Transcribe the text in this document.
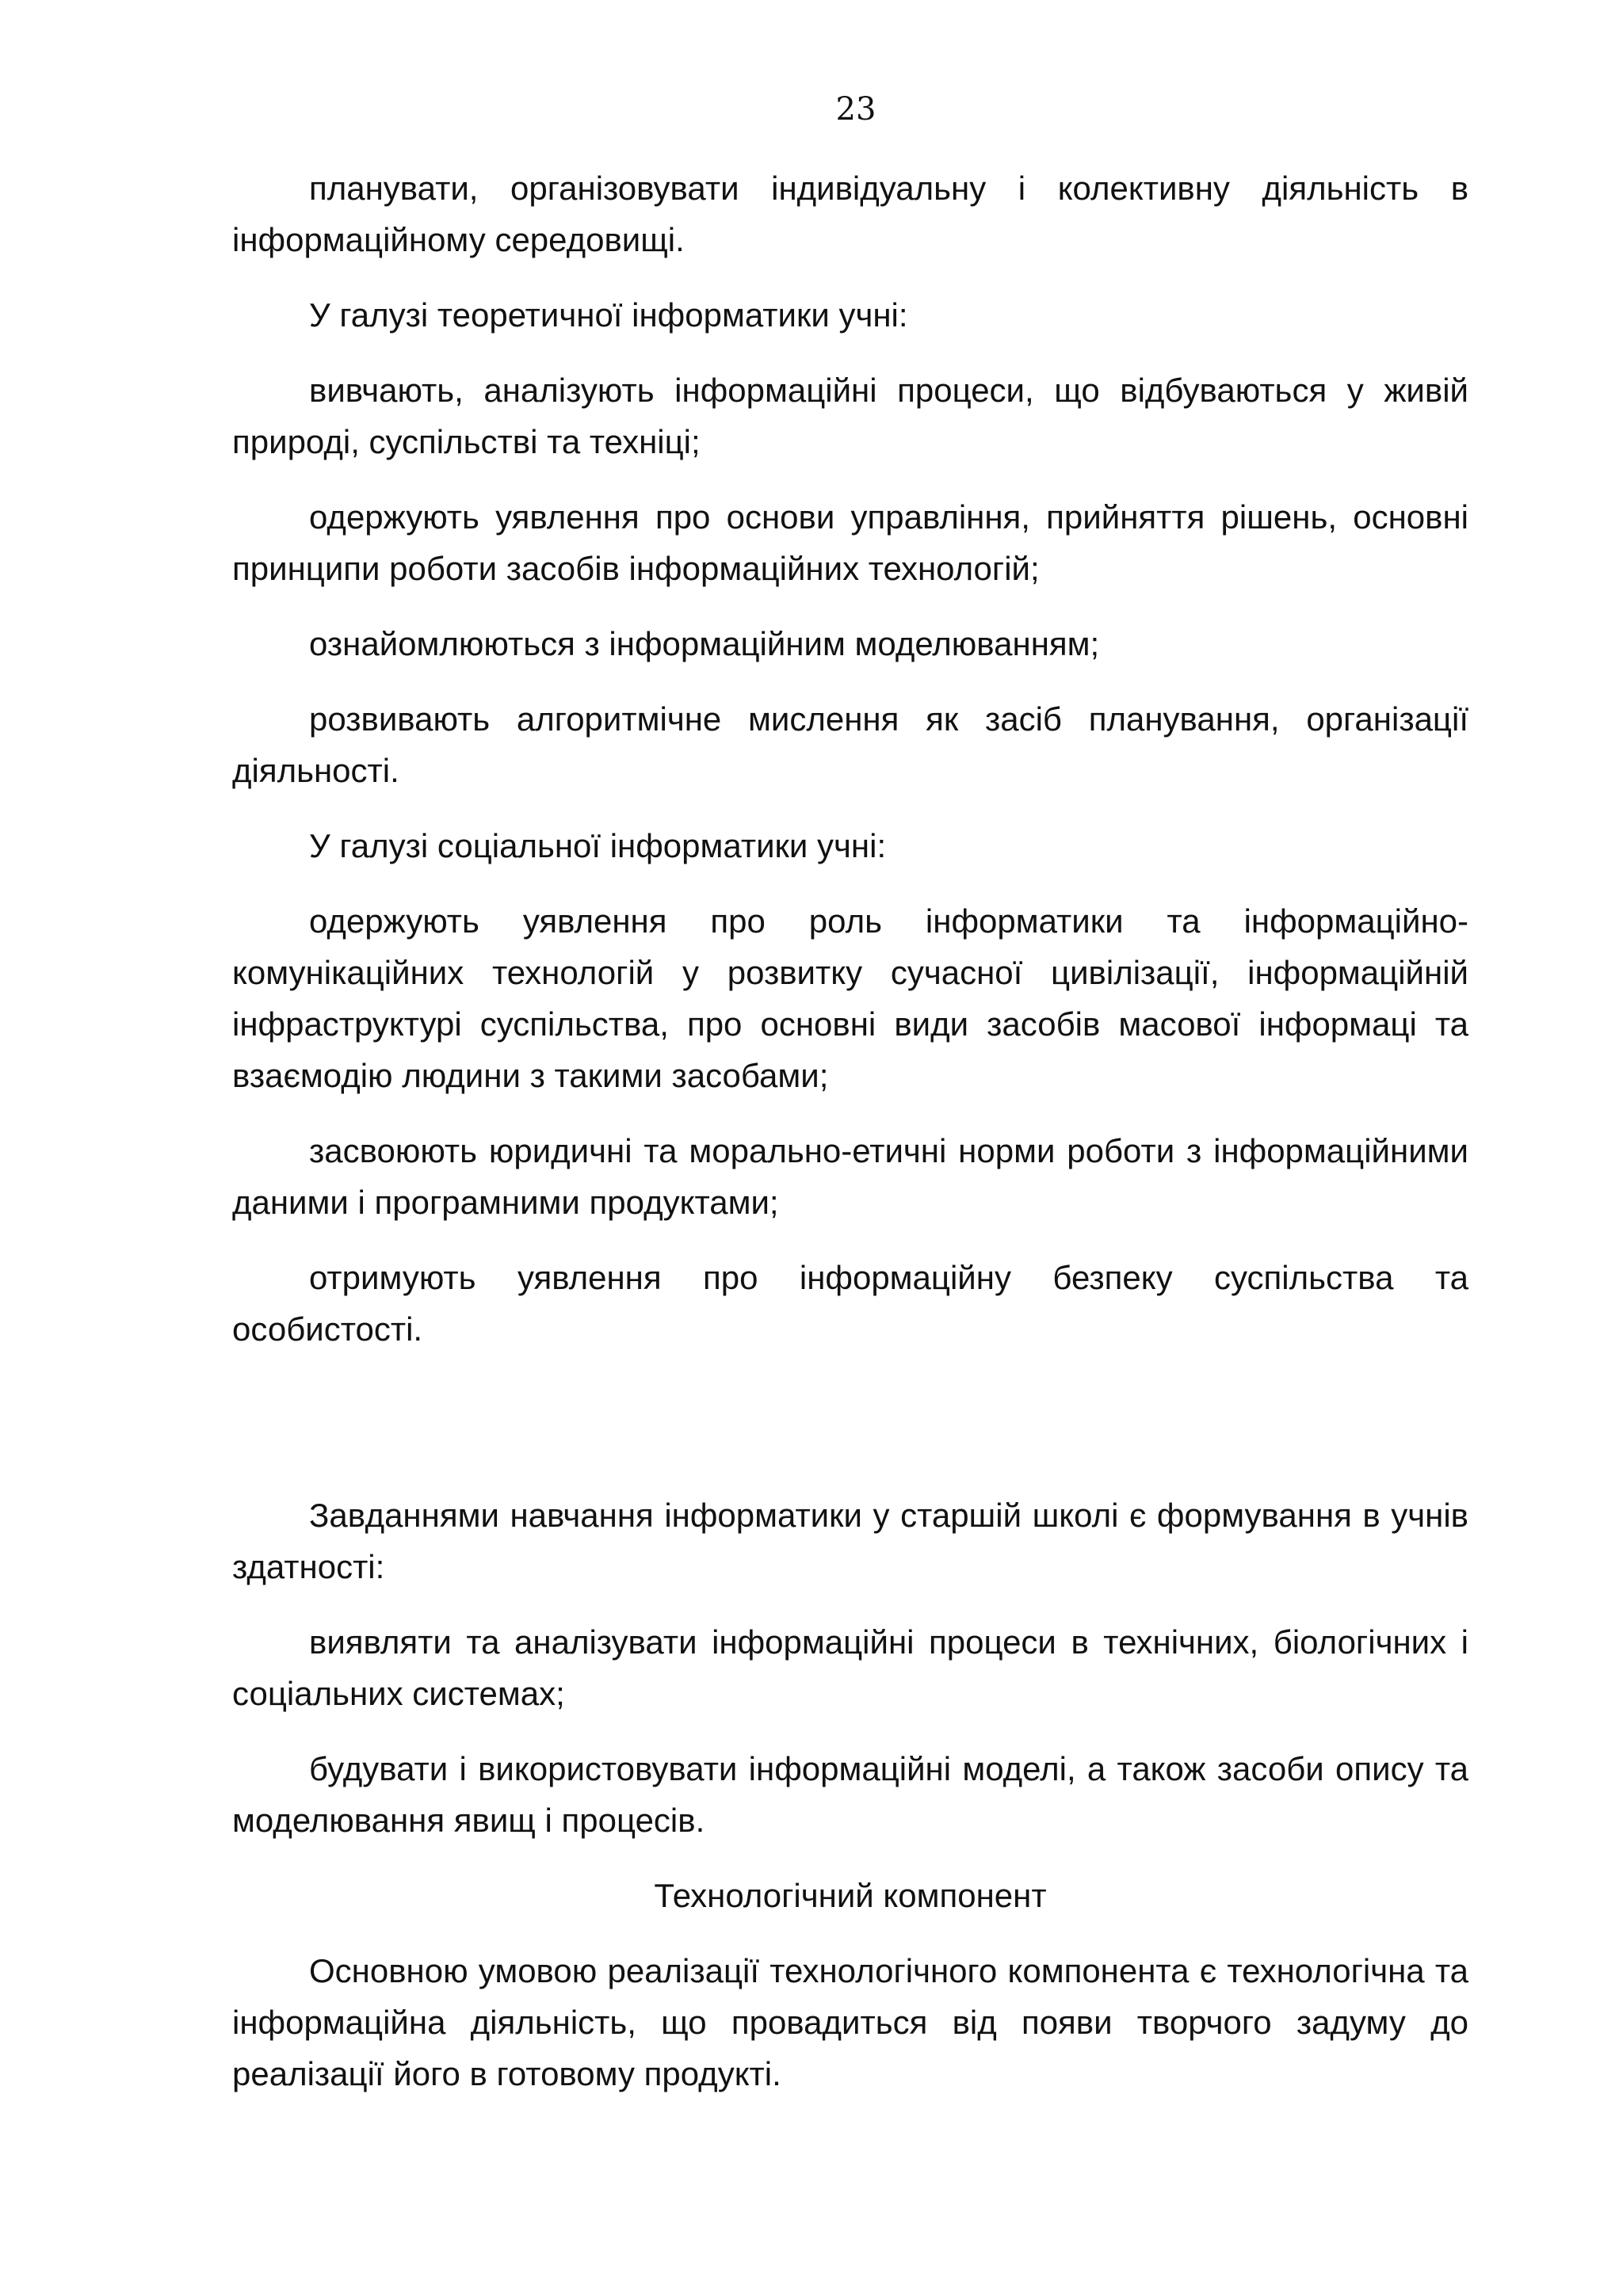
23

планувати, організовувати індивідуальну і колективну діяльність в інформаційному середовищі.

У галузі теоретичної інформатики учні:

вивчають, аналізують інформаційні процеси, що відбуваються у живій природі, суспільстві та техніці;

одержують уявлення про основи управління, прийняття рішень, основні принципи роботи засобів інформаційних технологій;

ознайомлюються з інформаційним моделюванням;

розвивають алгоритмічне мислення як засіб планування, організації діяльності.

У галузі соціальної інформатики учні:

одержують уявлення про роль інформатики та інформаційно-комунікаційних технологій у розвитку сучасної цивілізації, інформаційній інфраструктурі суспільства, про основні види засобів масової інформаці та взаємодію людини з такими засобами;

засвоюють юридичні та морально-етичні норми роботи з інформаційними даними і програмними продуктами;

отримують уявлення про інформаційну безпеку суспільства та особистості.

Завданнями навчання інформатики у старшій школі є формування в учнів здатності:

виявляти та аналізувати інформаційні процеси в технічних, біологічних і соціальних системах;

будувати і використовувати інформаційні моделі, а також засоби опису та моделювання явищ і процесів.

Технологічний компонент

Основною умовою реалізації технологічного компонента є технологічна та інформаційна діяльність, що провадиться від появи творчого задуму до реалізації його в готовому продукті.
